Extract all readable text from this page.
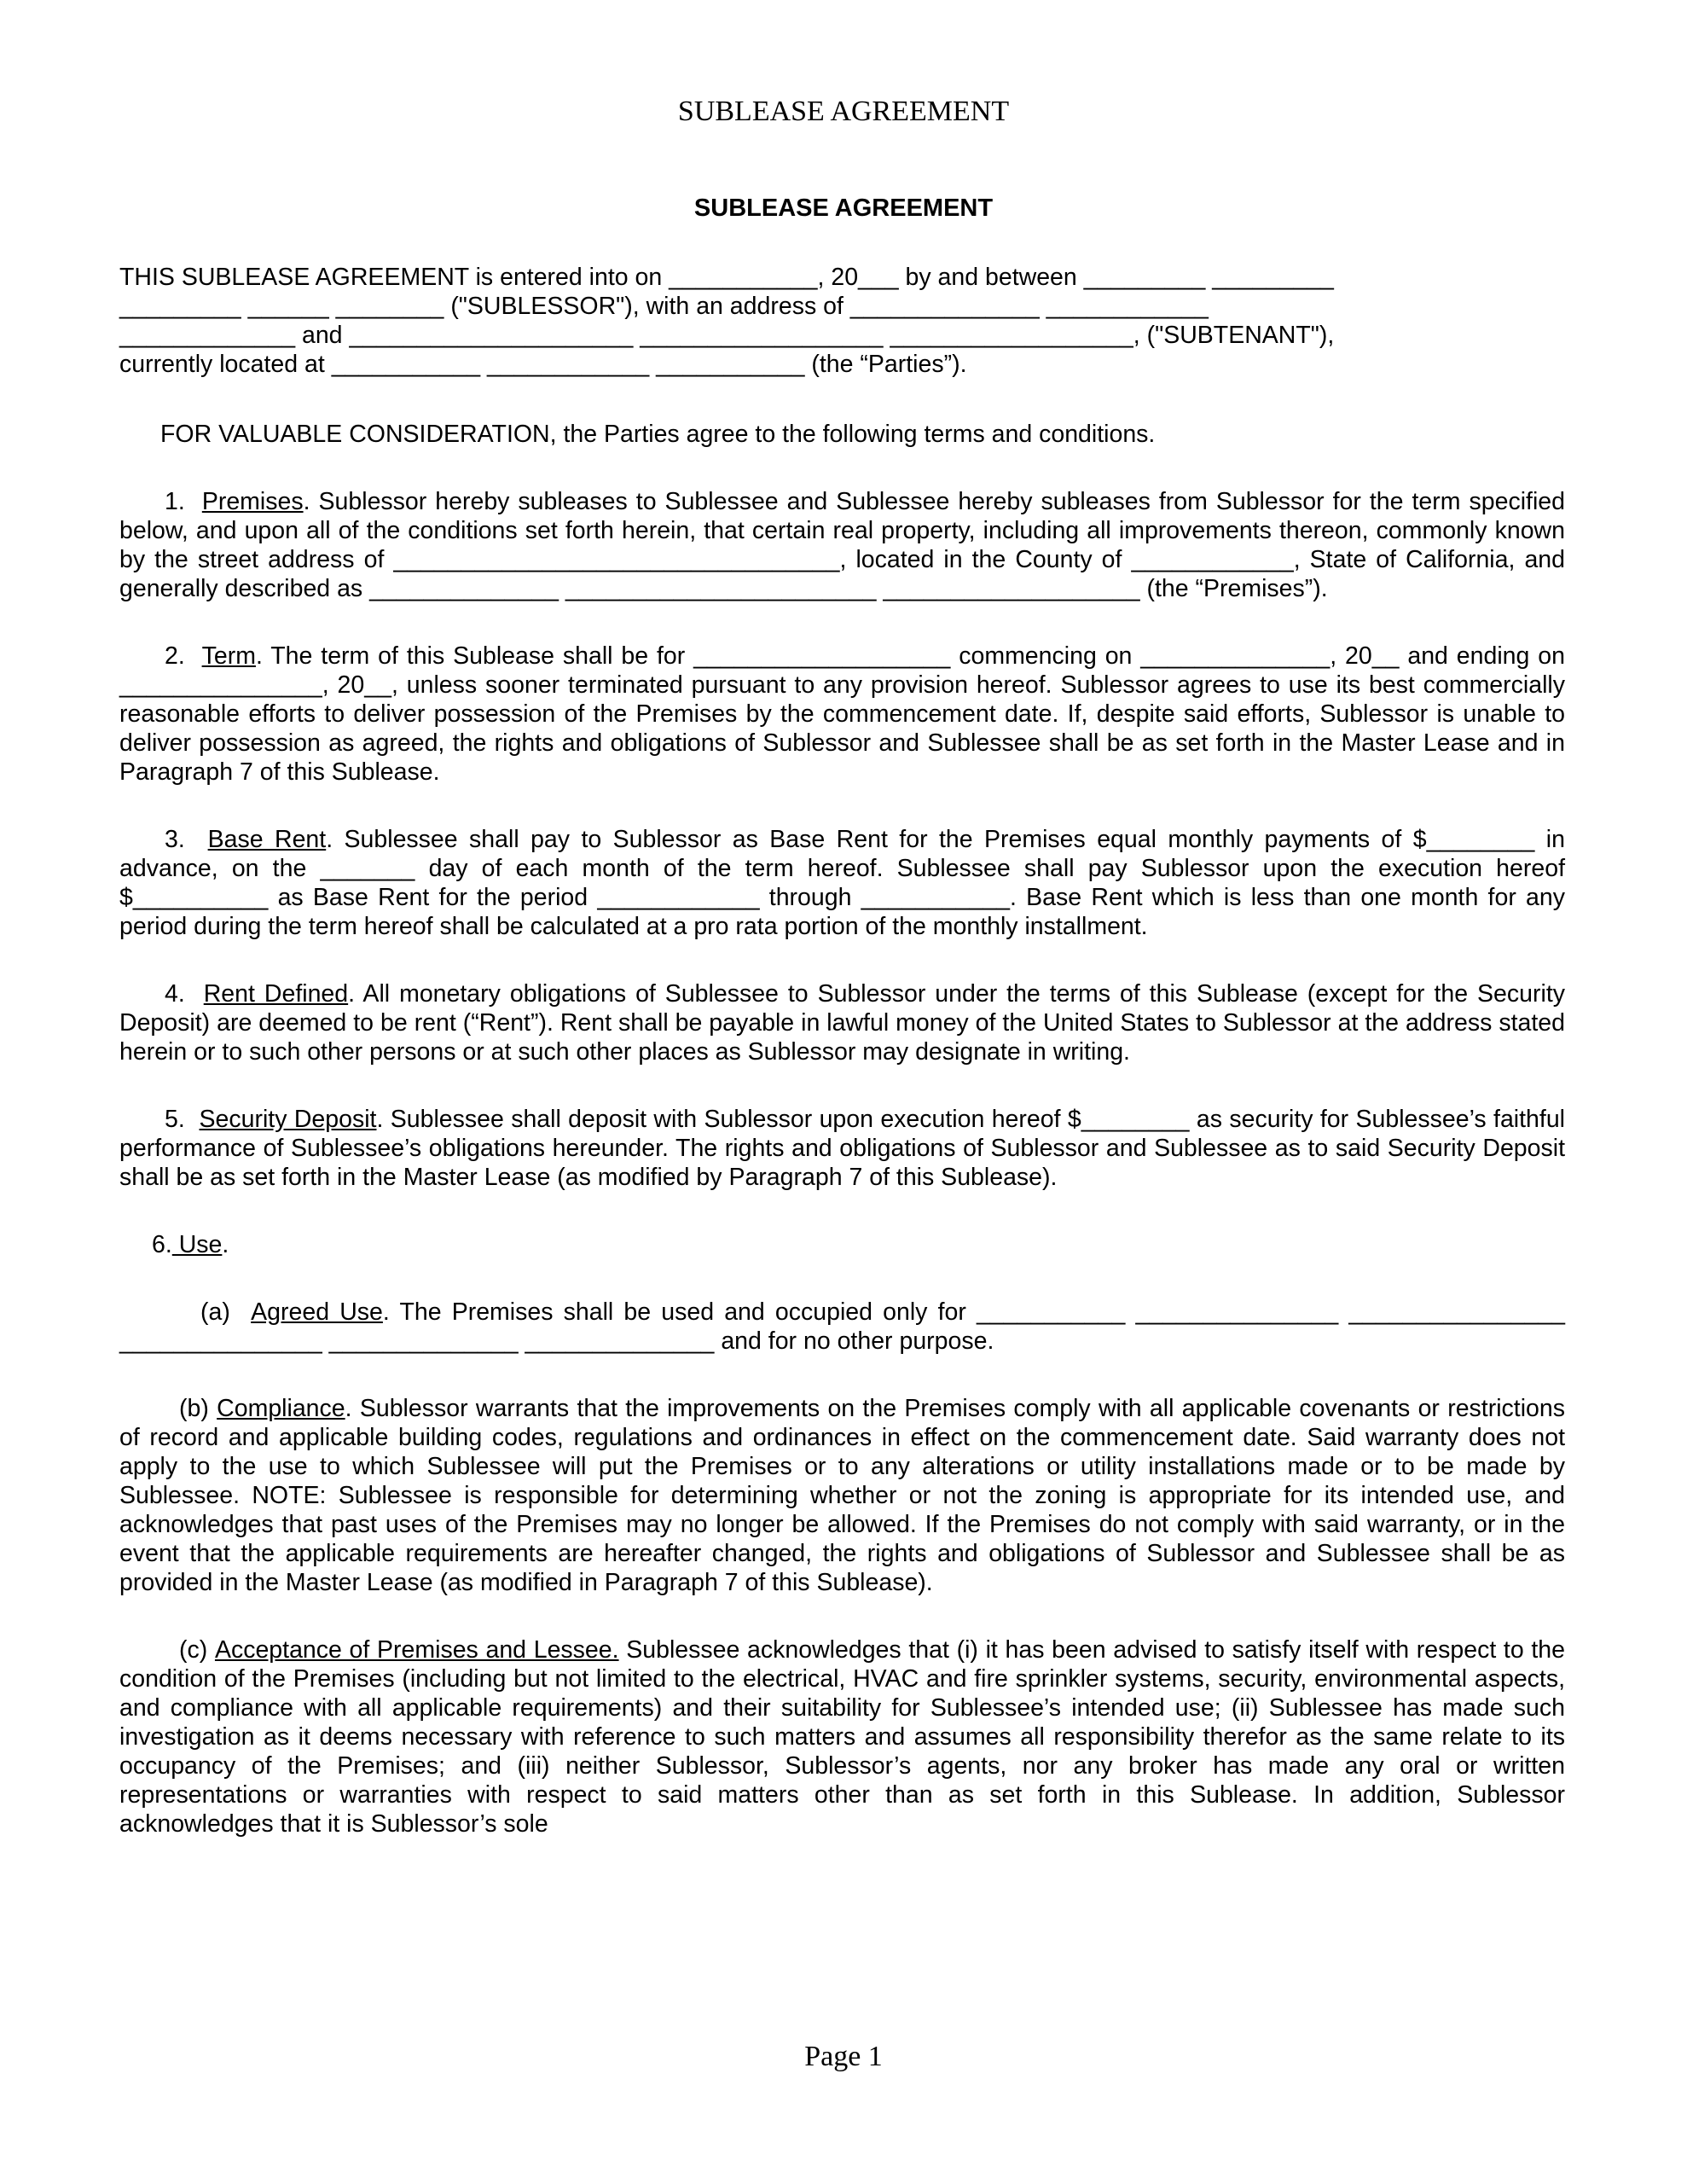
SUBLEASE AGREEMENT
SUBLEASE AGREEMENT

THIS SUBLEASE AGREEMENT is entered into on ___________, 20___ by and between _________ _________
_________ ______ ________ ("SUBLESSOR"), with an address of ______________ ____________
_____________ and _____________________ __________________ __________________, ("SUBTENANT"),
currently located at ___________ ____________ ___________ (the “Parties”).

FOR VALUABLE CONSIDERATION, the Parties agree to the following terms and conditions.

1. Premises. Sublessor hereby subleases to Sublessee and Sublessee hereby subleases from Sublessor for the term specified below, and upon all of the conditions set forth herein, that certain real property, including all improvements thereon, commonly known by the street address of _________________________________, located in the County of ____________, State of California, and generally described as ______________ _______________________ ___________________ (the “Premises”).

2. Term. The term of this Sublease shall be for ___________________ commencing on ______________, 20__ and ending on _______________, 20__, unless sooner terminated pursuant to any provision hereof. Sublessor agrees to use its best commercially reasonable efforts to deliver possession of the Premises by the commencement date. If, despite said efforts, Sublessor is unable to deliver possession as agreed, the rights and obligations of Sublessor and Sublessee shall be as set forth in the Master Lease and in Paragraph 7 of this Sublease.

3. Base Rent. Sublessee shall pay to Sublessor as Base Rent for the Premises equal monthly payments of $________ in advance, on the _______ day of each month of the term hereof. Sublessee shall pay Sublessor upon the execution hereof $__________ as Base Rent for the period ____________ through ___________. Base Rent which is less than one month for any period during the term hereof shall be calculated at a pro rata portion of the monthly installment.

4. Rent Defined. All monetary obligations of Sublessee to Sublessor under the terms of this Sublease (except for the Security Deposit) are deemed to be rent (“Rent”). Rent shall be payable in lawful money of the United States to Sublessor at the address stated herein or to such other persons or at such other places as Sublessor may designate in writing.

5. Security Deposit. Sublessee shall deposit with Sublessor upon execution hereof $________ as security for Sublessee’s faithful performance of Sublessee’s obligations hereunder. The rights and obligations of Sublessor and Sublessee as to said Security Deposit shall be as set forth in the Master Lease (as modified by Paragraph 7 of this Sublease).

6. Use.

(a) Agreed Use. The Premises shall be used and occupied only for ___________ _______________ ________________ _______________ ______________ ______________ and for no other purpose.

(b) Compliance. Sublessor warrants that the improvements on the Premises comply with all applicable covenants or restrictions of record and applicable building codes, regulations and ordinances in effect on the commencement date. Said warranty does not apply to the use to which Sublessee will put the Premises or to any alterations or utility installations made or to be made by Sublessee. NOTE: Sublessee is responsible for determining whether or not the zoning is appropriate for its intended use, and acknowledges that past uses of the Premises may no longer be allowed. If the Premises do not comply with said warranty, or in the event that the applicable requirements are hereafter changed, the rights and obligations of Sublessor and Sublessee shall be as provided in the Master Lease (as modified in Paragraph 7 of this Sublease).

(c) Acceptance of Premises and Lessee. Sublessee acknowledges that (i) it has been advised to satisfy itself with respect to the condition of the Premises (including but not limited to the electrical, HVAC and fire sprinkler systems, security, environmental aspects, and compliance with all applicable requirements) and their suitability for Sublessee’s intended use; (ii) Sublessee has made such investigation as it deems necessary with reference to such matters and assumes all responsibility therefor as the same relate to its occupancy of the Premises; and (iii) neither Sublessor, Sublessor’s agents, nor any broker has made any oral or written representations or warranties with respect to said matters other than as set forth in this Sublease. In addition, Sublessor acknowledges that it is Sublessor’s sole

Page 1
